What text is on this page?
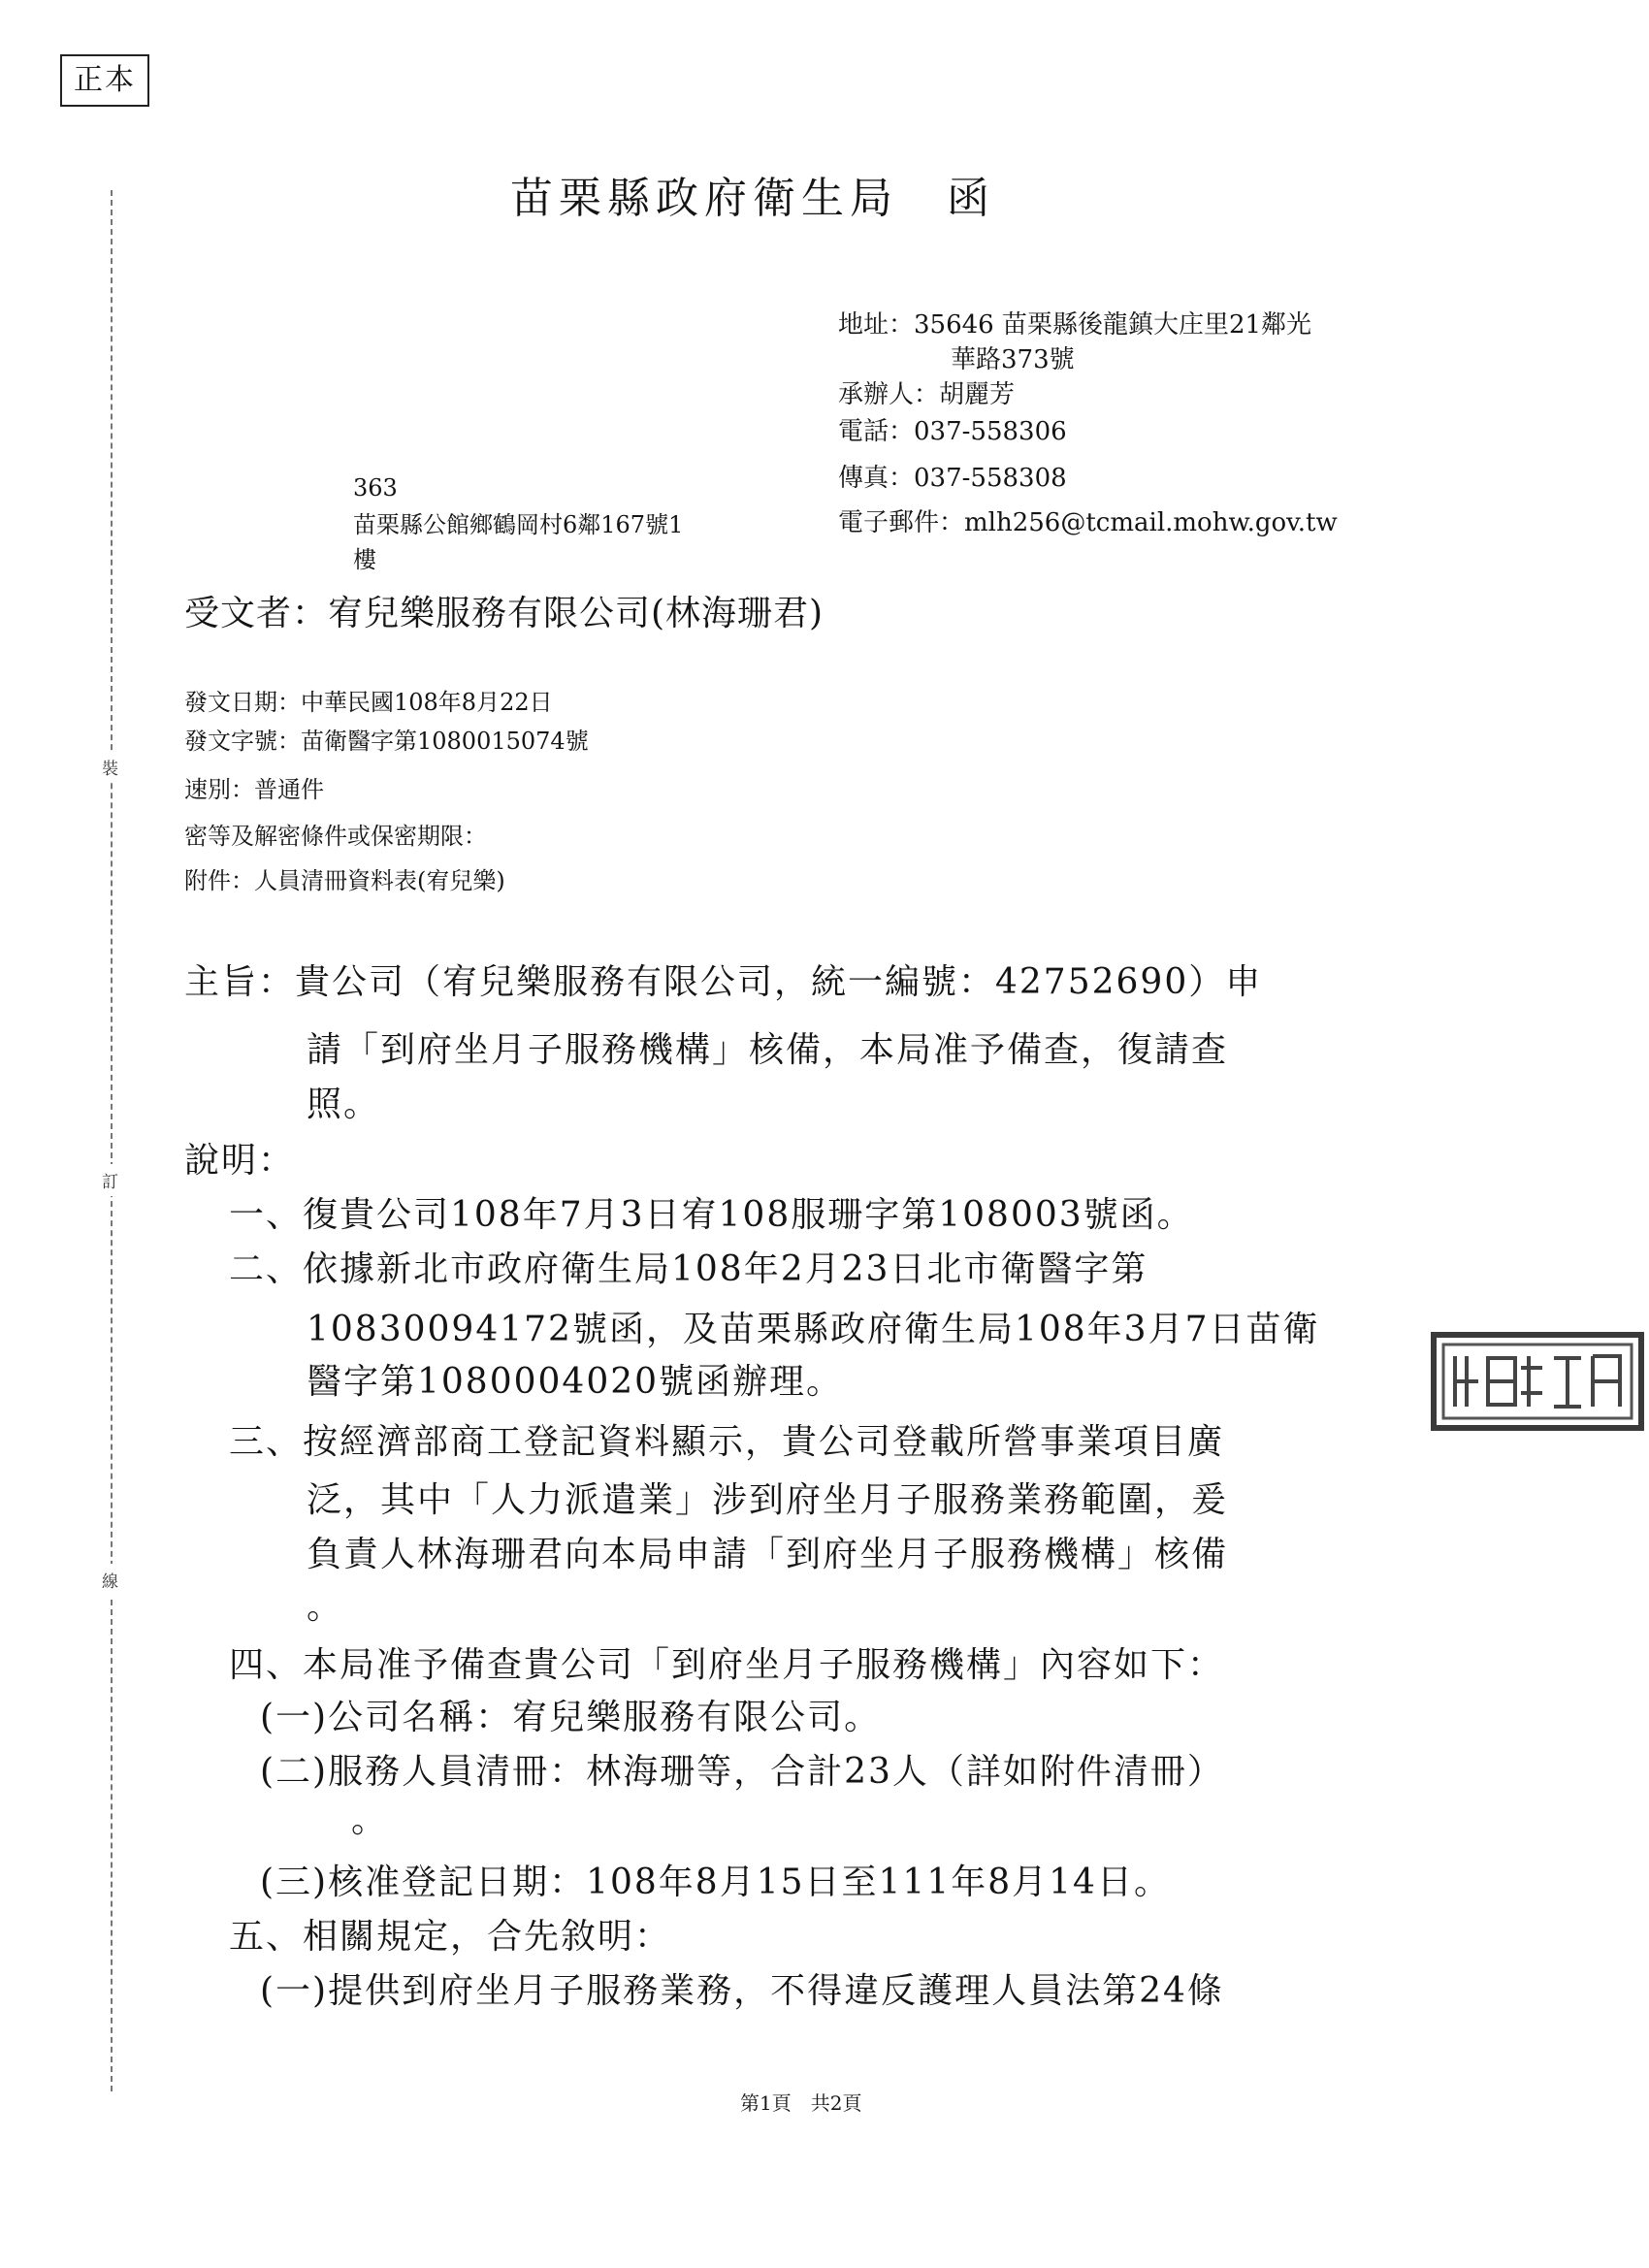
正本
裝
訂
線
苗栗縣政府衛生局　函
地址：35646 苗栗縣後龍鎮大庄里21鄰光
華路373號
承辦人：胡麗芳
電話：037-558306
傳真：037-558308
電子郵件：mlh256@tcmail.mohw.gov.tw
363
苗栗縣公館鄉鶴岡村6鄰167號1
樓
受文者：宥兒樂服務有限公司(林海珊君)
發文日期：中華民國108年8月22日
發文字號：苗衛醫字第1080015074號
速別：普通件
密等及解密條件或保密期限：
附件：人員清冊資料表(宥兒樂)
主旨：貴公司（宥兒樂服務有限公司，統一編號：42752690）申
請「到府坐月子服務機構」核備，本局准予備查，復請查
照。
說明：
一、復貴公司108年7月3日宥108服珊字第108003號函。
二、依據新北市政府衛生局108年2月23日北市衛醫字第
10830094172號函，及苗栗縣政府衛生局108年3月7日苗衛
醫字第1080004020號函辦理。
三、按經濟部商工登記資料顯示，貴公司登載所營事業項目廣
泛，其中「人力派遣業」涉到府坐月子服務業務範圍，爰
負責人林海珊君向本局申請「到府坐月子服務機構」核備
。
四、本局准予備查貴公司「到府坐月子服務機構」內容如下：
(一)公司名稱：宥兒樂服務有限公司。
(二)服務人員清冊：林海珊等，合計23人（詳如附件清冊）
。
(三)核准登記日期：108年8月15日至111年8月14日。
五、相關規定，合先敘明：
(一)提供到府坐月子服務業務，不得違反護理人員法第24條
第1頁　共2頁
